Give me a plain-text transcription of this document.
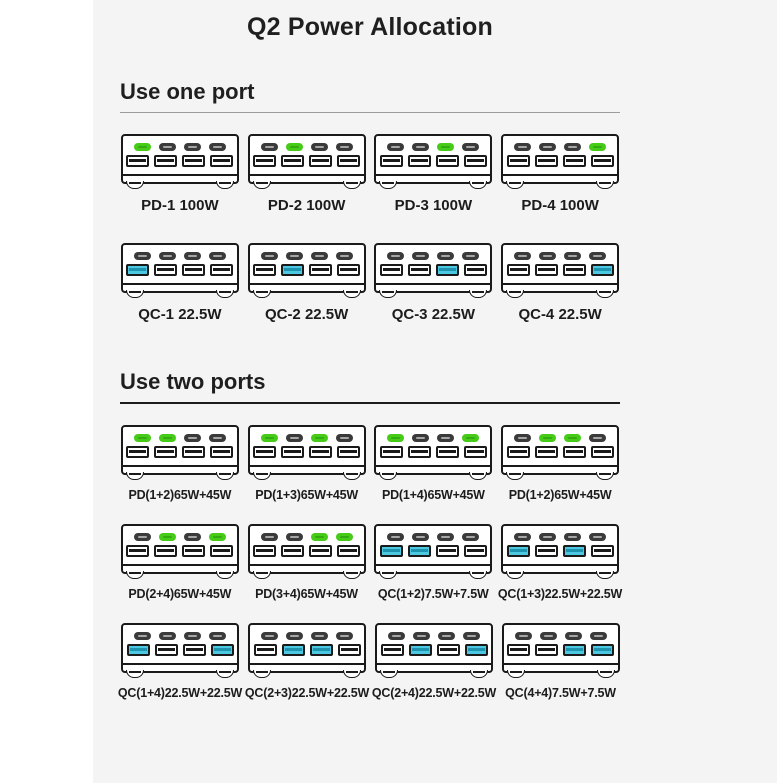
Q2 Power Allocation
Use one port
PD-1 100W	PD-2 100W	PD-3 100W	PD-4 100W
QC-1 22.5W	QC-2 22.5W	QC-3 22.5W	QC-4 22.5W
Use two ports
PD(1+2)65W+45W PD(1+3)65W+45W PD(1+4)65W+45W PD(1+2)65W+45W
PD(2+4)65W+45W PD(3+4)65W+45W QC(1+2)7.5W+7.5W QC(1+3)22.5W+22.5W
QC(1+4)22.5W+22.5W QC(2+3)22.5W+22.5W QC(2+4)22.5W+22.5W QC(4+4)7.5W+7.5W
